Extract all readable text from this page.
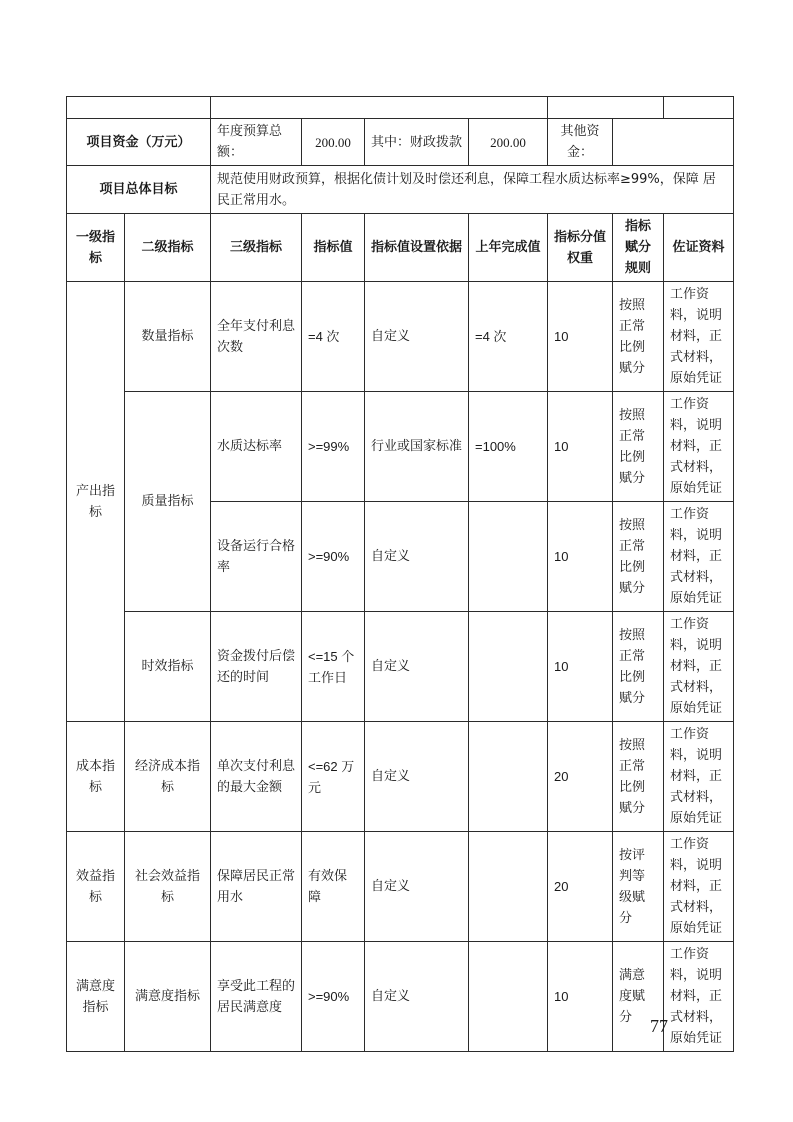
项目资金（万元）		年度预算总额：	200.00	其中：财政拨款	200.00	其他资金：		
项目总体目标		规范使用财政预算，根据化债计划及时偿还利息，保障工程水质达标率≥99%，保障 居民正常用水。						
一级指标	二级指标	三级指标	指标值	指标值设置依据	上年完成值	指标分值权重	指标赋分规则	佐证资料
产出指标	数量指标	全年支付利息次数	=4 次	自定义	=4 次	10	按照正常比例赋分	工作资料，说明材料，正式材料，原始凭证
	质量指标	水质达标率	>=99%	行业或国家标准	=100%	10	按照正常比例赋分	工作资料，说明材料，正式材料，原始凭证
		设备运行合格率	>=90%	自定义		10	按照正常比例赋分	工作资料，说明材料，正式材料，原始凭证
	时效指标	资金拨付后偿还的时间	<=15 个 工作日	自定义		10	按照正常比例赋分	工作资料，说明材料，正式材料，原始凭证
成本指标	经济成本指标	单次支付利息的最大金额	<=62 万元	自定义		20	按照正常比例赋分	工作资料，说明材料，正式材料，原始凭证
效益指标	社会效益指标	保障居民正常用水	有效保障	自定义		20	按评判等级赋分	工作资料，说明材料，正式材料，原始凭证
满意度指标	满意度指标	享受此工程的居民满意度	>=90%	自定义		10	满意度赋分	工作资料，说明材料，正式材料，原始凭证
77
